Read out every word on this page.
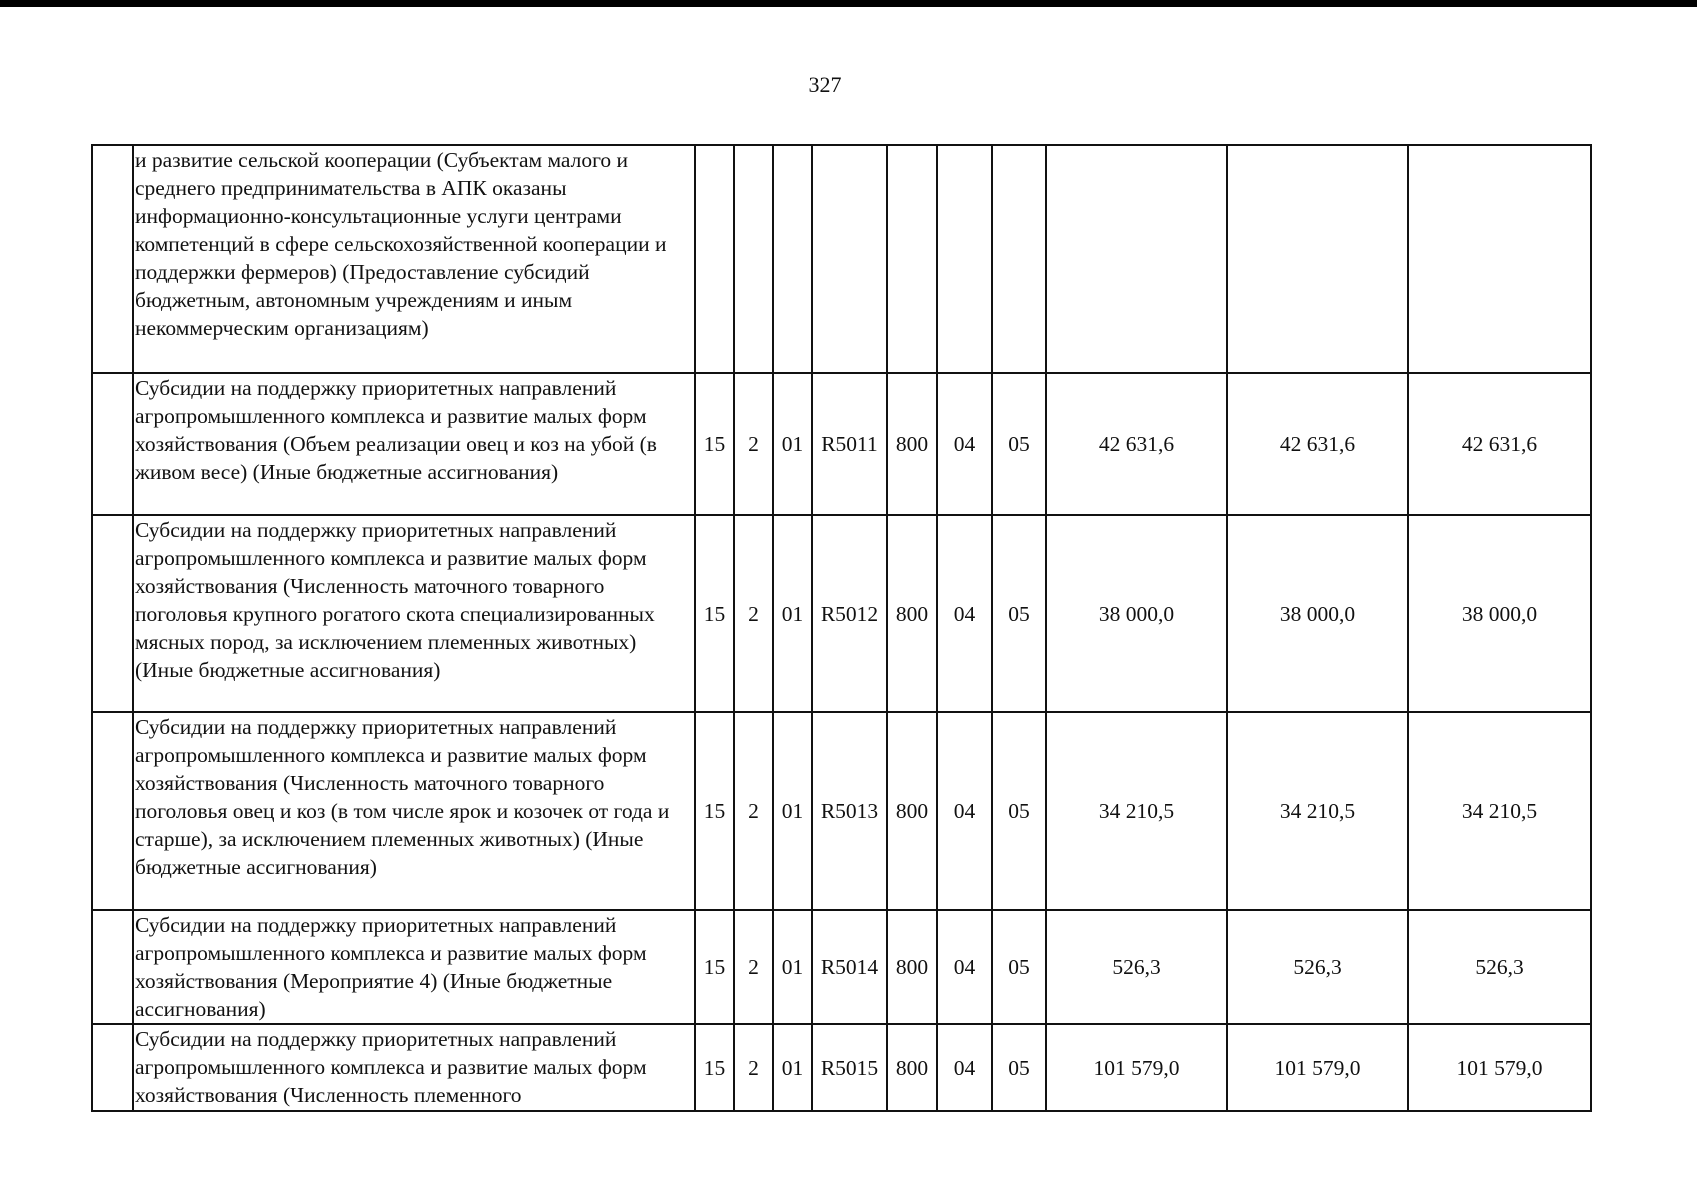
327
	и развитие сельской кооперации (Субъектам малого и среднего предпринимательства в АПК оказаны информационно-консультационные услуги центрами компетенций в сфере сельскохозяйственной кооперации и поддержки фермеров) (Предоставление субсидий бюджетным, автономным учреждениям и иным некоммерческим организациям)										
	Субсидии на поддержку приоритетных направлений агропромышленного комплекса и развитие малых форм хозяйствования (Объем реализации овец и коз на убой (в живом весе) (Иные бюджетные ассигнования)	15	2	01	R5011	800	04	05	42 631,6	42 631,6	42 631,6
	Субсидии на поддержку приоритетных направлений агропромышленного комплекса и развитие малых форм хозяйствования (Численность маточного товарного поголовья крупного рогатого скота специализированных мясных пород, за исключением племенных животных) (Иные бюджетные ассигнования)	15	2	01	R5012	800	04	05	38 000,0	38 000,0	38 000,0
	Субсидии на поддержку приоритетных направлений агропромышленного комплекса и развитие малых форм хозяйствования (Численность маточного товарного поголовья овец и коз (в том числе ярок и козочек от года и старше), за исключением племенных животных) (Иные бюджетные ассигнования)	15	2	01	R5013	800	04	05	34 210,5	34 210,5	34 210,5
	Субсидии на поддержку приоритетных направлений агропромышленного комплекса и развитие малых форм хозяйствования (Мероприятие 4) (Иные бюджетные ассигнования)	15	2	01	R5014	800	04	05	526,3	526,3	526,3
	Субсидии на поддержку приоритетных направлений агропромышленного комплекса и развитие малых форм хозяйствования (Численность племенного	15	2	01	R5015	800	04	05	101 579,0	101 579,0	101 579,0
